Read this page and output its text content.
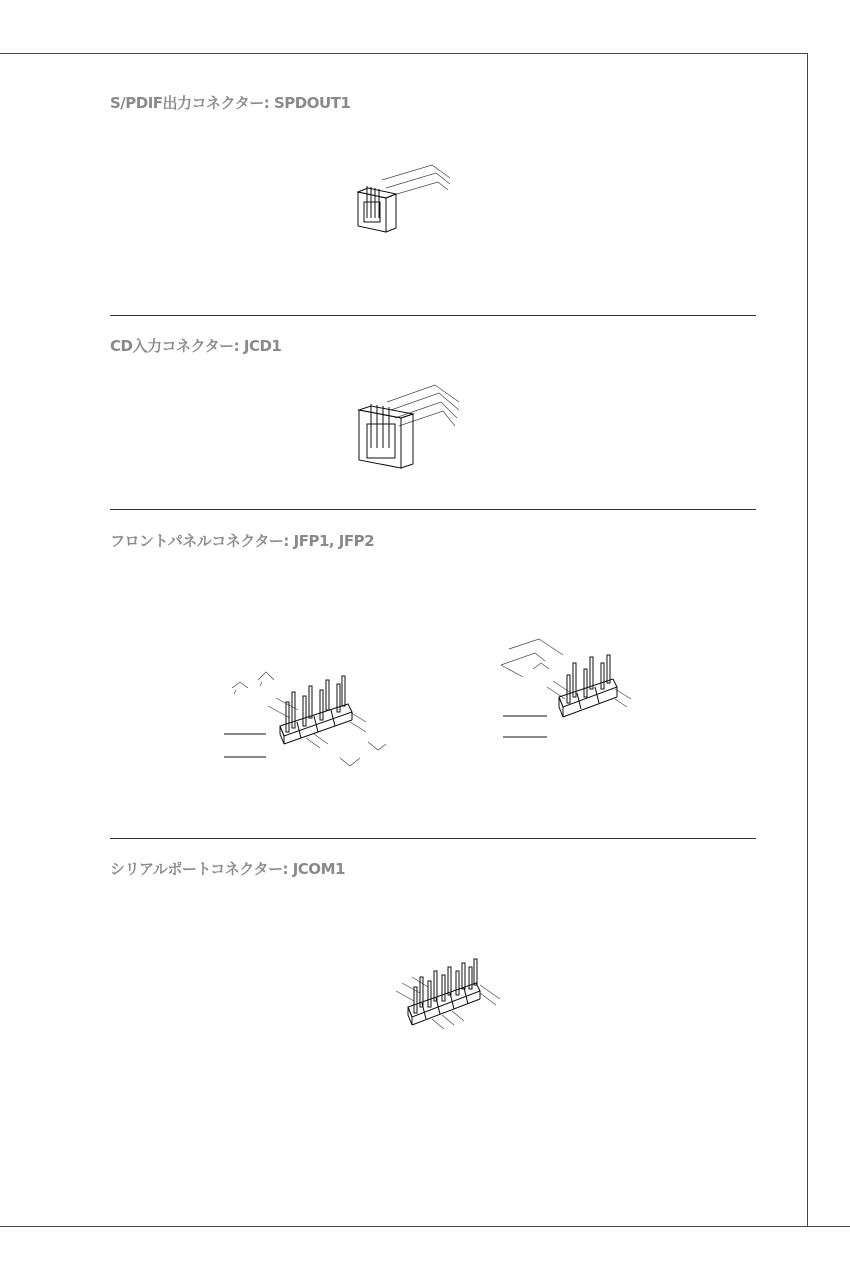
S/PDIF出力コネクター: SPDOUT1
CD入力コネクター: JCD1
フロントパネルコネクター: JFP1, JFP2
シリアルポートコネクター: JCOM1
